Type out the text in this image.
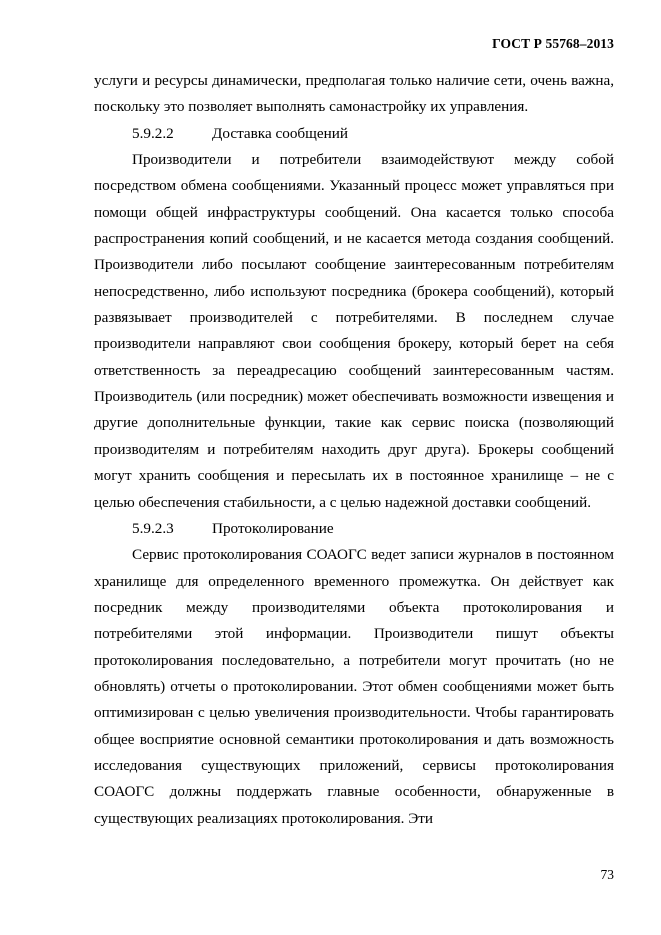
ГОСТ Р 55768–2013

услуги и ресурсы динамически, предполагая только наличие сети, очень важна, поскольку это позволяет выполнять самонастройку их управления.

5.9.2.2	Доставка сообщений

Производители и потребители взаимодействуют между собой посредством обмена сообщениями. Указанный процесс может управляться при помощи общей инфраструктуры сообщений. Она касается только способа распространения копий сообщений, и не касается метода создания сообщений. Производители либо посылают сообщение заинтересованным потребителям непосредственно, либо используют посредника (брокера сообщений), который развязывает производителей с потребителями. В последнем случае производители направляют свои сообщения брокеру, который берет на себя ответственность за переадресацию сообщений заинтересованным частям. Производитель (или посредник) может обеспечивать возможности извещения и другие дополнительные функции, такие как сервис поиска (позволяющий производителям и потребителям находить друг друга). Брокеры сообщений могут хранить сообщения и пересылать их в постоянное хранилище – не с целью обеспечения стабильности, а с целью надежной доставки сообщений.

5.9.2.3	Протоколирование

Сервис протоколирования СОАОГС ведет записи журналов в постоянном хранилище для определенного временного промежутка. Он действует как посредник между производителями объекта протоколирования и потребителями этой информации. Производители пишут объекты протоколирования последовательно, а потребители могут прочитать (но не обновлять) отчеты о протоколировании. Этот обмен сообщениями может быть оптимизирован с целью увеличения производительности. Чтобы гарантировать общее восприятие основной семантики протоколирования и дать возможность исследования существующих приложений, сервисы протоколирования СОАОГС должны поддержать главные особенности, обнаруженные в существующих реализациях протоколирования. Эти

73
